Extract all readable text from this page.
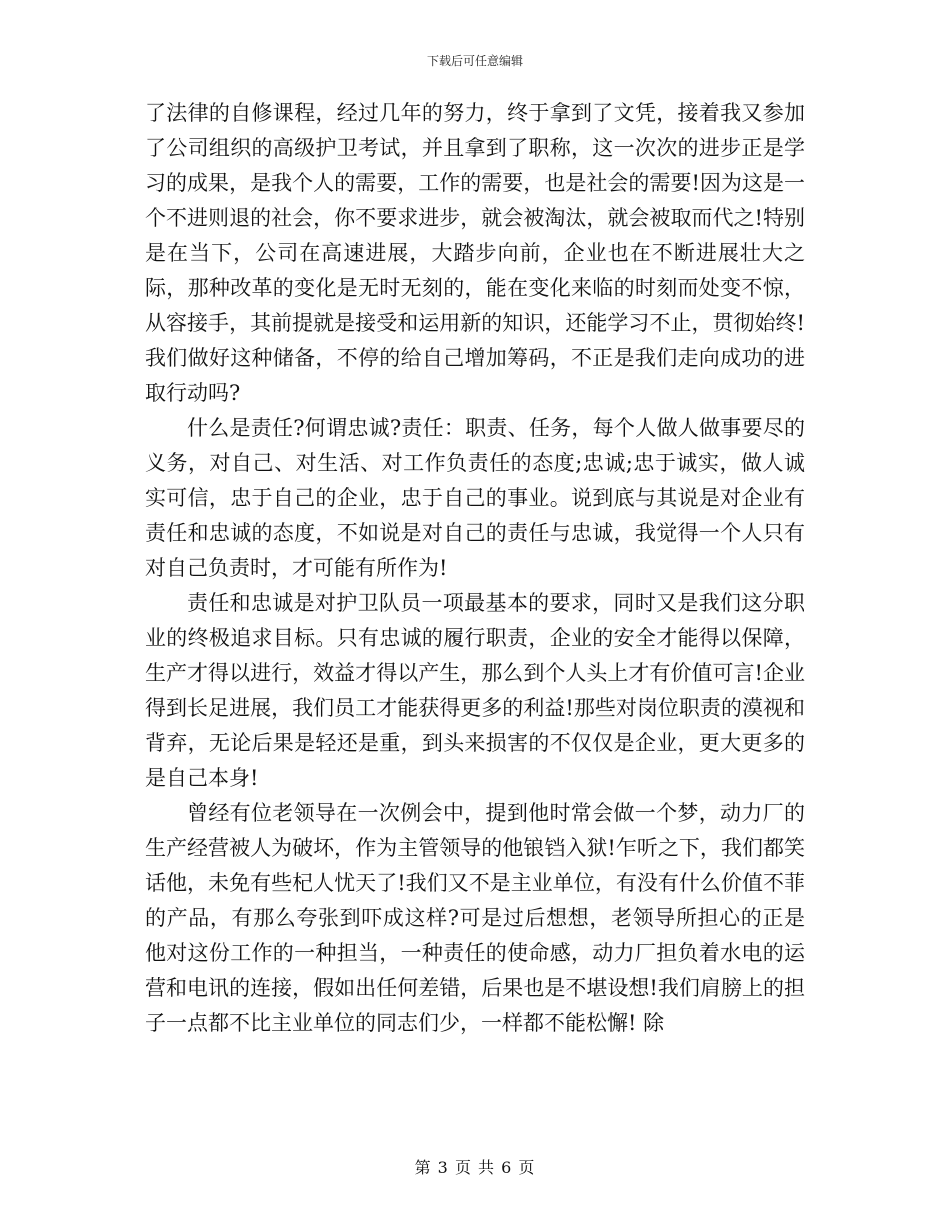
下载后可任意编辑

了法律的自修课程，经过几年的努力，终于拿到了文凭，接着我又参加了公司组织的高级护卫考试，并且拿到了职称，这一次次的进步正是学习的成果，是我个人的需要，工作的需要，也是社会的需要!因为这是一个不进则退的社会，你不要求进步，就会被淘汰，就会被取而代之!特别是在当下，公司在高速进展，大踏步向前，企业也在不断进展壮大之际，那种改革的变化是无时无刻的，能在变化来临的时刻而处变不惊，从容接手，其前提就是接受和运用新的知识，还能学习不止，贯彻始终!我们做好这种储备，不停的给自己增加筹码，不正是我们走向成功的进取行动吗?

什么是责任?何谓忠诚?责任：职责、任务，每个人做人做事要尽的义务，对自己、对生活、对工作负责任的态度;忠诚;忠于诚实，做人诚实可信，忠于自己的企业，忠于自己的事业。说到底与其说是对企业有责任和忠诚的态度，不如说是对自己的责任与忠诚，我觉得一个人只有对自己负责时，才可能有所作为!

责任和忠诚是对护卫队员一项最基本的要求，同时又是我们这分职业的终极追求目标。只有忠诚的履行职责，企业的安全才能得以保障，生产才得以进行，效益才得以产生，那么到个人头上才有价值可言!企业得到长足进展，我们员工才能获得更多的利益!那些对岗位职责的漠视和背弃，无论后果是轻还是重，到头来损害的不仅仅是企业，更大更多的是自己本身!

曾经有位老领导在一次例会中，提到他时常会做一个梦，动力厂的生产经营被人为破坏，作为主管领导的他锒铛入狱!乍听之下，我们都笑话他，未免有些杞人忧天了!我们又不是主业单位，有没有什么价值不菲的产品，有那么夸张到吓成这样?可是过后想想，老领导所担心的正是他对这份工作的一种担当，一种责任的使命感，动力厂担负着水电的运营和电讯的连接，假如出任何差错，后果也是不堪设想!我们肩膀上的担子一点都不比主业单位的同志们少，一样都不能松懈! 除

第 3 页 共 6 页
